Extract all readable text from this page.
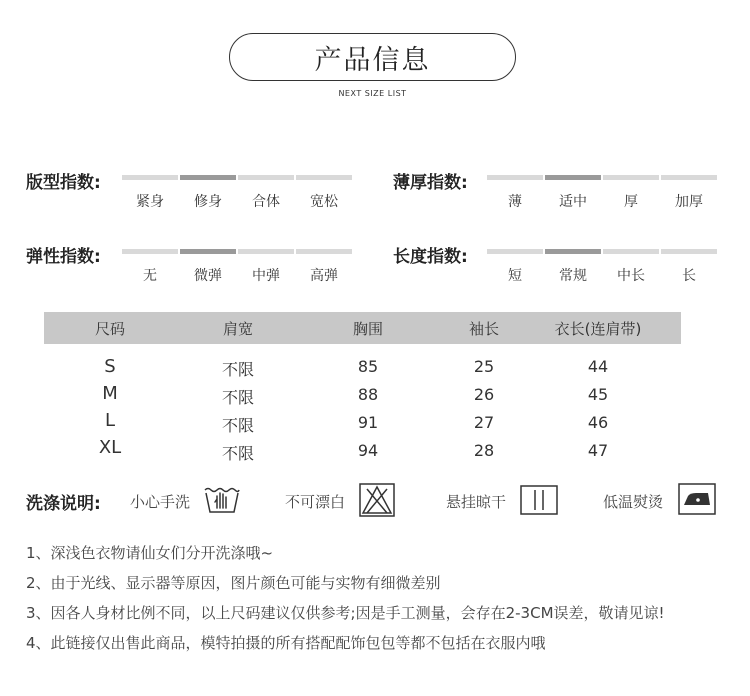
产品信息
NEXT SIZE LIST
版型指数:
紧身	修身	合体	宽松
薄厚指数:
薄	适中	厚	加厚
弹性指数:
无	微弹	中弹	高弹
长度指数:
短	常规	中长	长
尺码	肩宽	胸围	袖长	衣长(连肩带)
S	不限	85	25	44
M	不限	88	26	45
L	不限	91	27	46
XL	不限	94	28	47
洗涤说明: 小心手洗	不可漂白	悬挂晾干	低温熨烫
1、深浅色衣物请仙女们分开洗涤哦~
2、由于光线、显示器等原因，图片颜色可能与实物有细微差别
3、因各人身材比例不同，以上尺码建议仅供参考;因是手工测量，会存在2-3CM误差，敬请见谅!
4、此链接仅出售此商品，模特拍摄的所有搭配配饰包包等都不包括在衣服内哦
